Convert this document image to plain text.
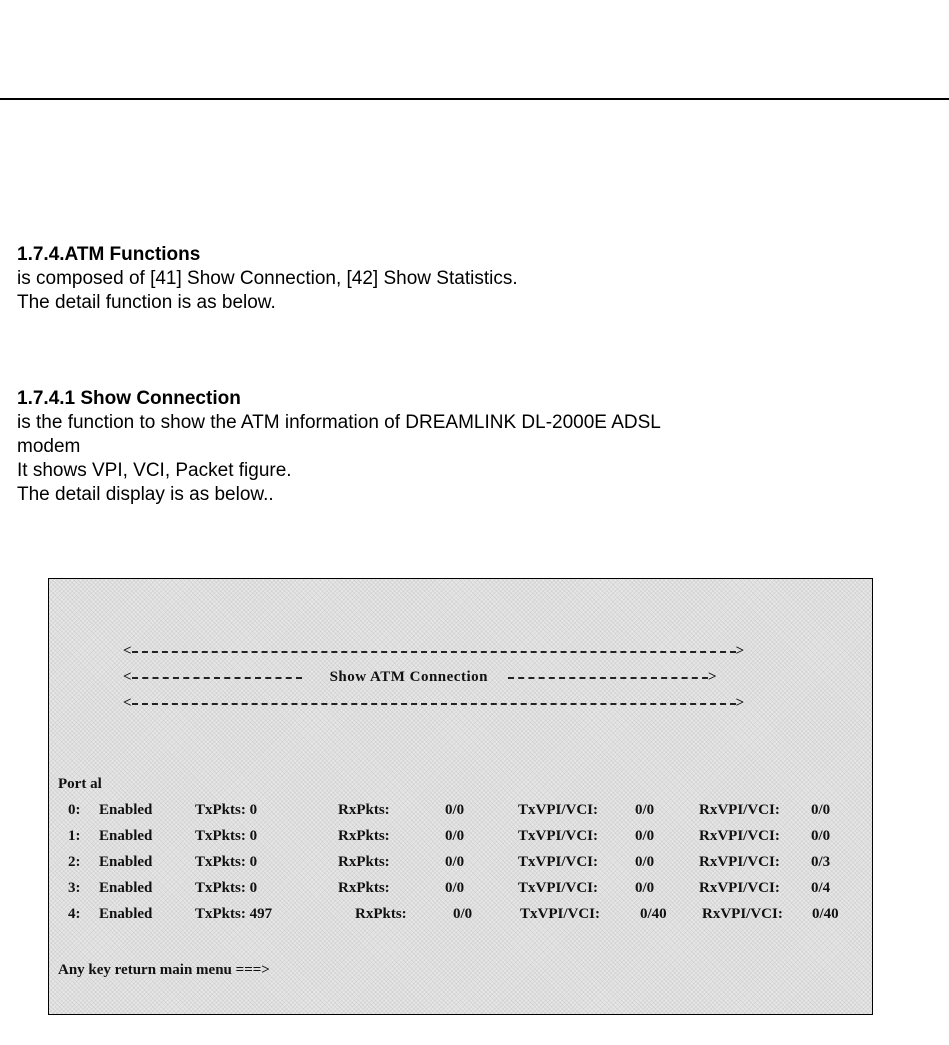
1.7.4.ATM Functions
is composed of [41] Show Connection, [42] Show Statistics.
The detail function is as below.
1.7.4.1 Show Connection
is the function to show the ATM information of DREAMLINK DL-2000E ADSL
modem
It shows VPI, VCI, Packet figure.
The detail display is as below..
<	>
<	Show ATM Connection	>
<	>
Port al
0: Enabled	TxPkts: 0	RxPkts:	0/0	TxVPI/VCI: 0/0	RxVPI/VCI: 0/0
1: Enabled	TxPkts: 0	RxPkts:	0/0	TxVPI/VCI: 0/0	RxVPI/VCI: 0/0
2: Enabled	TxPkts: 0	RxPkts:	0/0	TxVPI/VCI: 0/0	RxVPI/VCI: 0/3
3: Enabled	TxPkts: 0	RxPkts:	0/0	TxVPI/VCI: 0/0	RxVPI/VCI: 0/4
4: Enabled	TxPkts: 497	RxPkts:	0/0	TxVPI/VCI:	0/40 RxVPI/VCI: 0/40
Any key return main menu ===>
